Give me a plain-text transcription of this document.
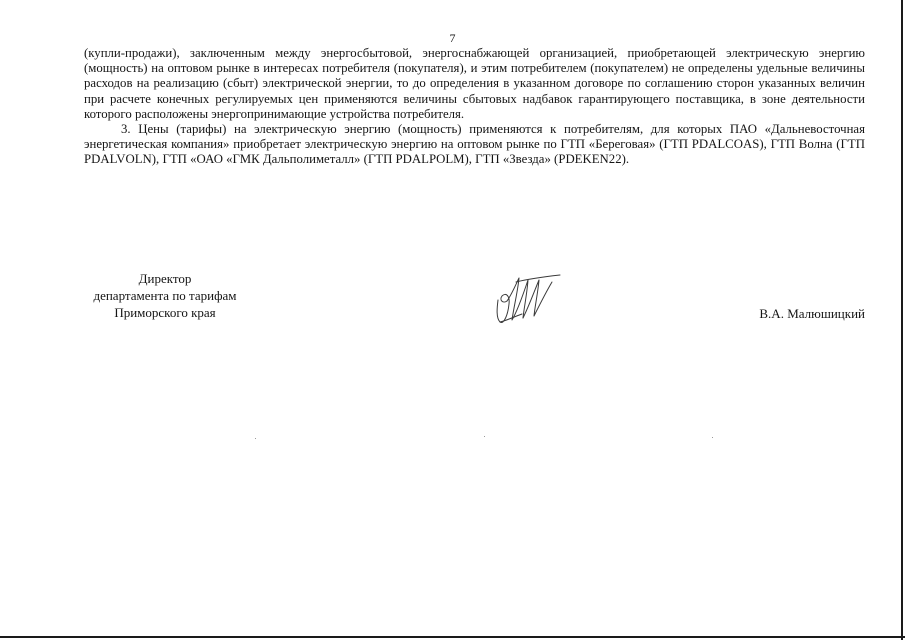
7

(купли-продажи), заключенным между энергосбытовой, энергоснабжающей организацией, приобретающей электрическую энергию (мощность) на оптовом рынке в интересах потребителя (покупателя), и этим потребителем (покупателем) не определены удельные величины расходов на реализацию (сбыт) электрической энергии, то до определения в указанном договоре по соглашению сторон указанных величин при расчете конечных регулируемых цен применяются величины сбытовых надбавок гарантирующего поставщика, в зоне деятельности которого расположены энергопринимающие устройства потребителя.

3. Цены (тарифы) на электрическую энергию (мощность) применяются к потребителям, для которых ПАО «Дальневосточная энергетическая компания» приобретает электрическую энергию на оптовом рынке по ГТП «Береговая» (ГТП PDALCOAS), ГТП Волна (ГТП PDALVOLN), ГТП «ОАО «ГМК Дальполиметалл» (ГТП PDALPOLM), ГТП «Звезда» (PDEKEN22).

Директор
департамента по тарифам
Приморского края	В.А. Малюшицкий
